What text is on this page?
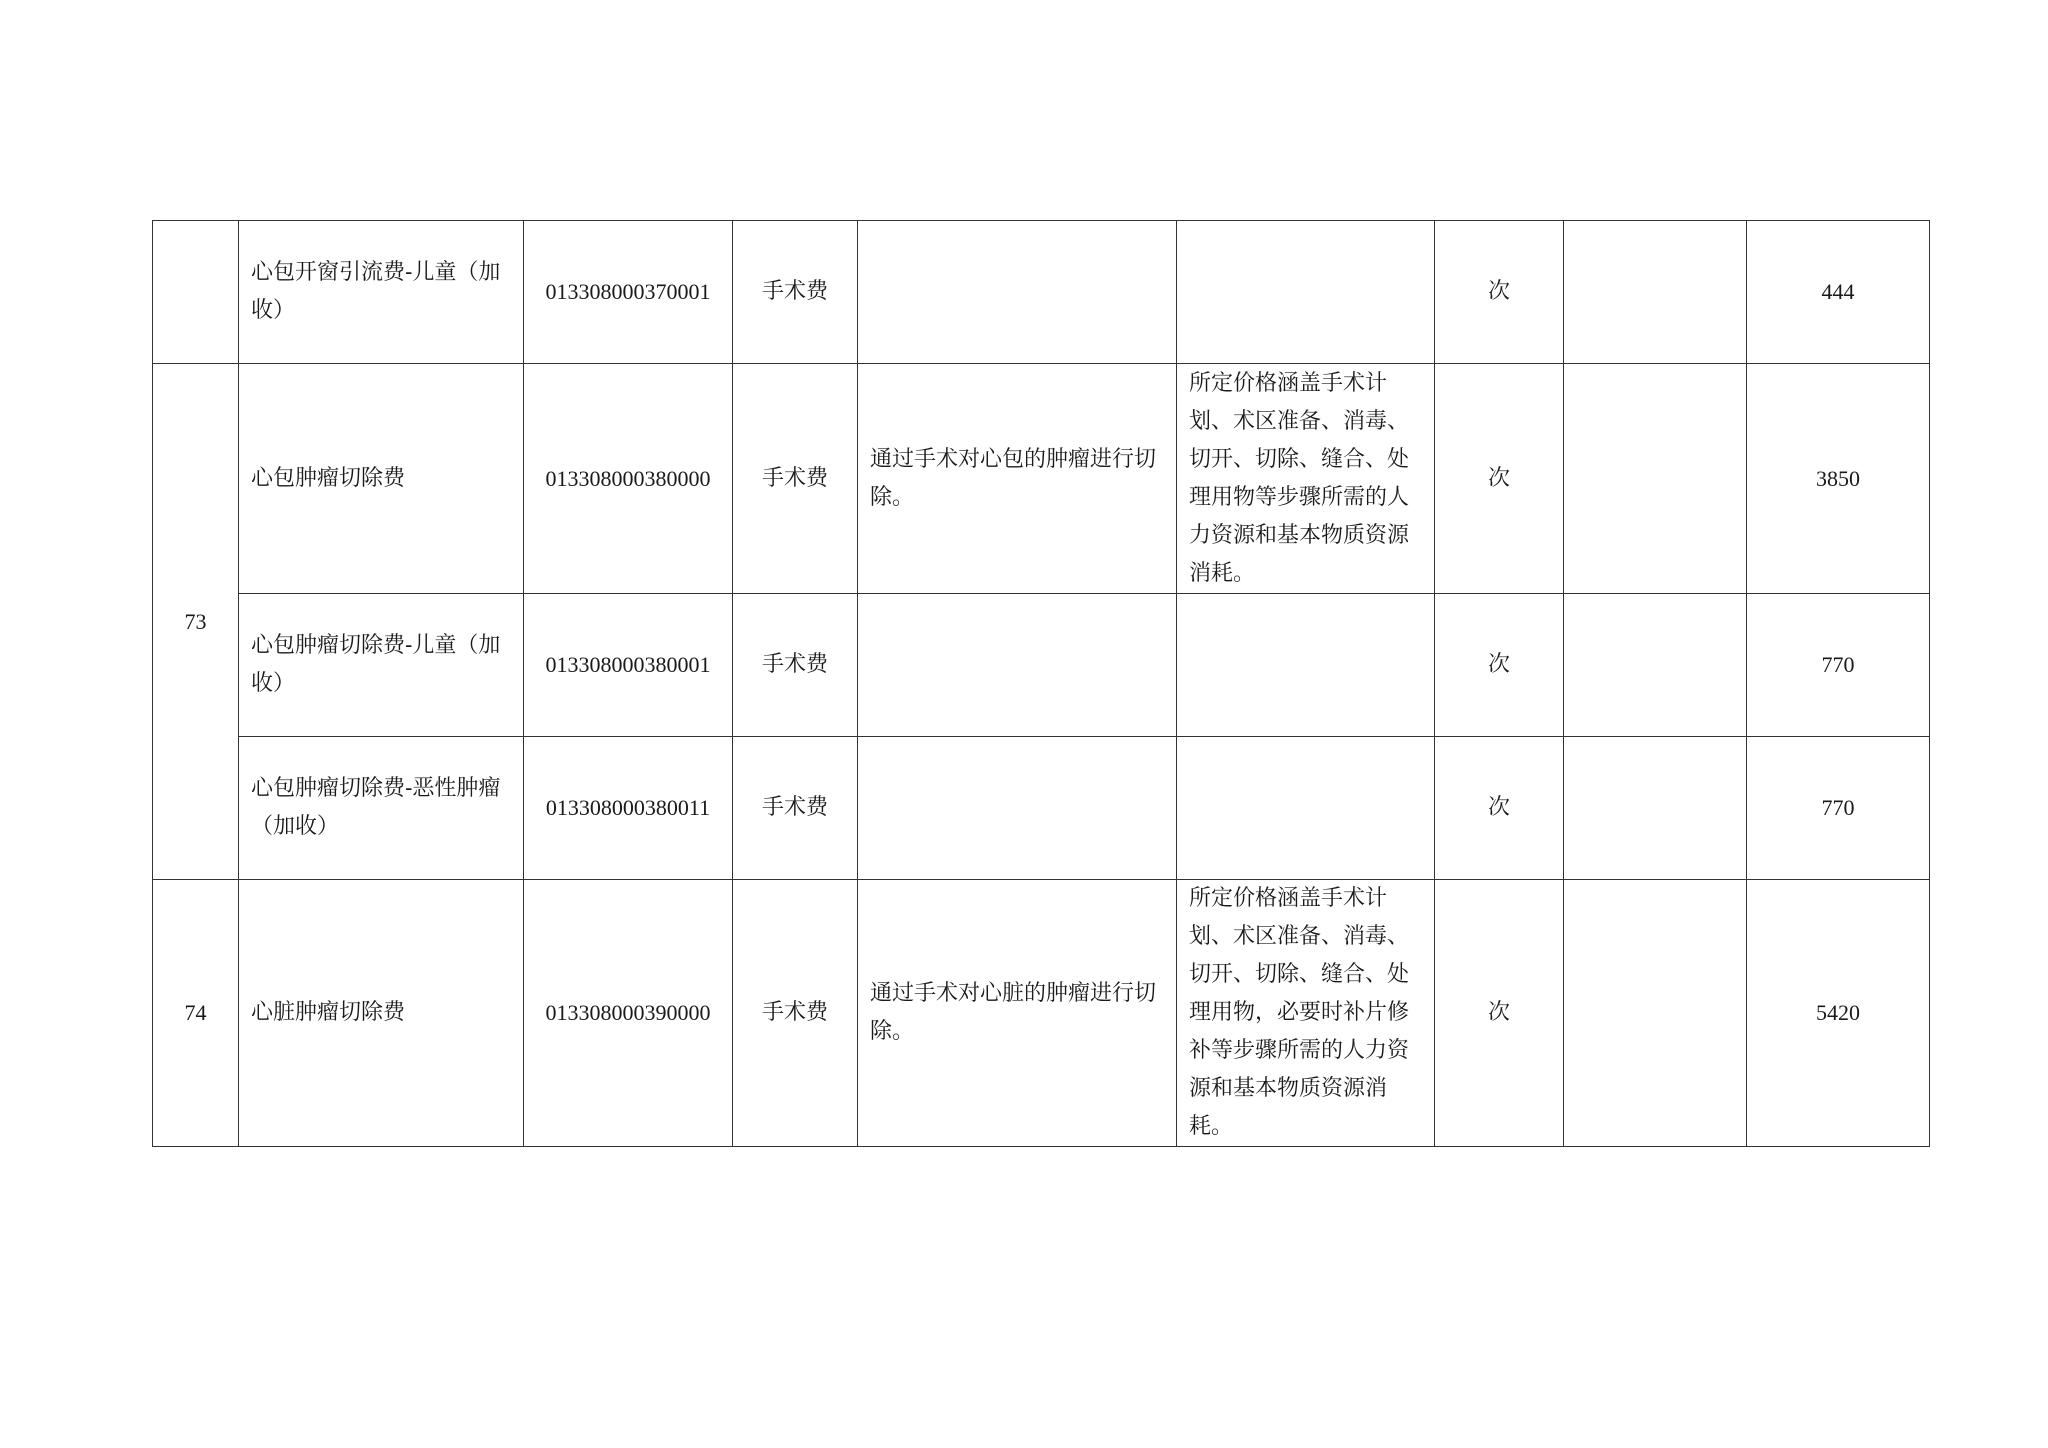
	心包开窗引流费-儿童（加收）	013308000370001	手术费			次		444
73	心包肿瘤切除费	013308000380000	手术费	通过手术对心包的肿瘤进行切除。	所定价格涵盖手术计划、术区准备、消毒、切开、切除、缝合、处理用物等步骤所需的人力资源和基本物质资源消耗。	次		3850
	心包肿瘤切除费-儿童（加收）	013308000380001	手术费			次		770
	心包肿瘤切除费-恶性肿瘤（加收）	013308000380011	手术费			次		770
74	心脏肿瘤切除费	013308000390000	手术费	通过手术对心脏的肿瘤进行切除。	所定价格涵盖手术计划、术区准备、消毒、切开、切除、缝合、处理用物，必要时补片修补等步骤所需的人力资源和基本物质资源消耗。	次		5420
